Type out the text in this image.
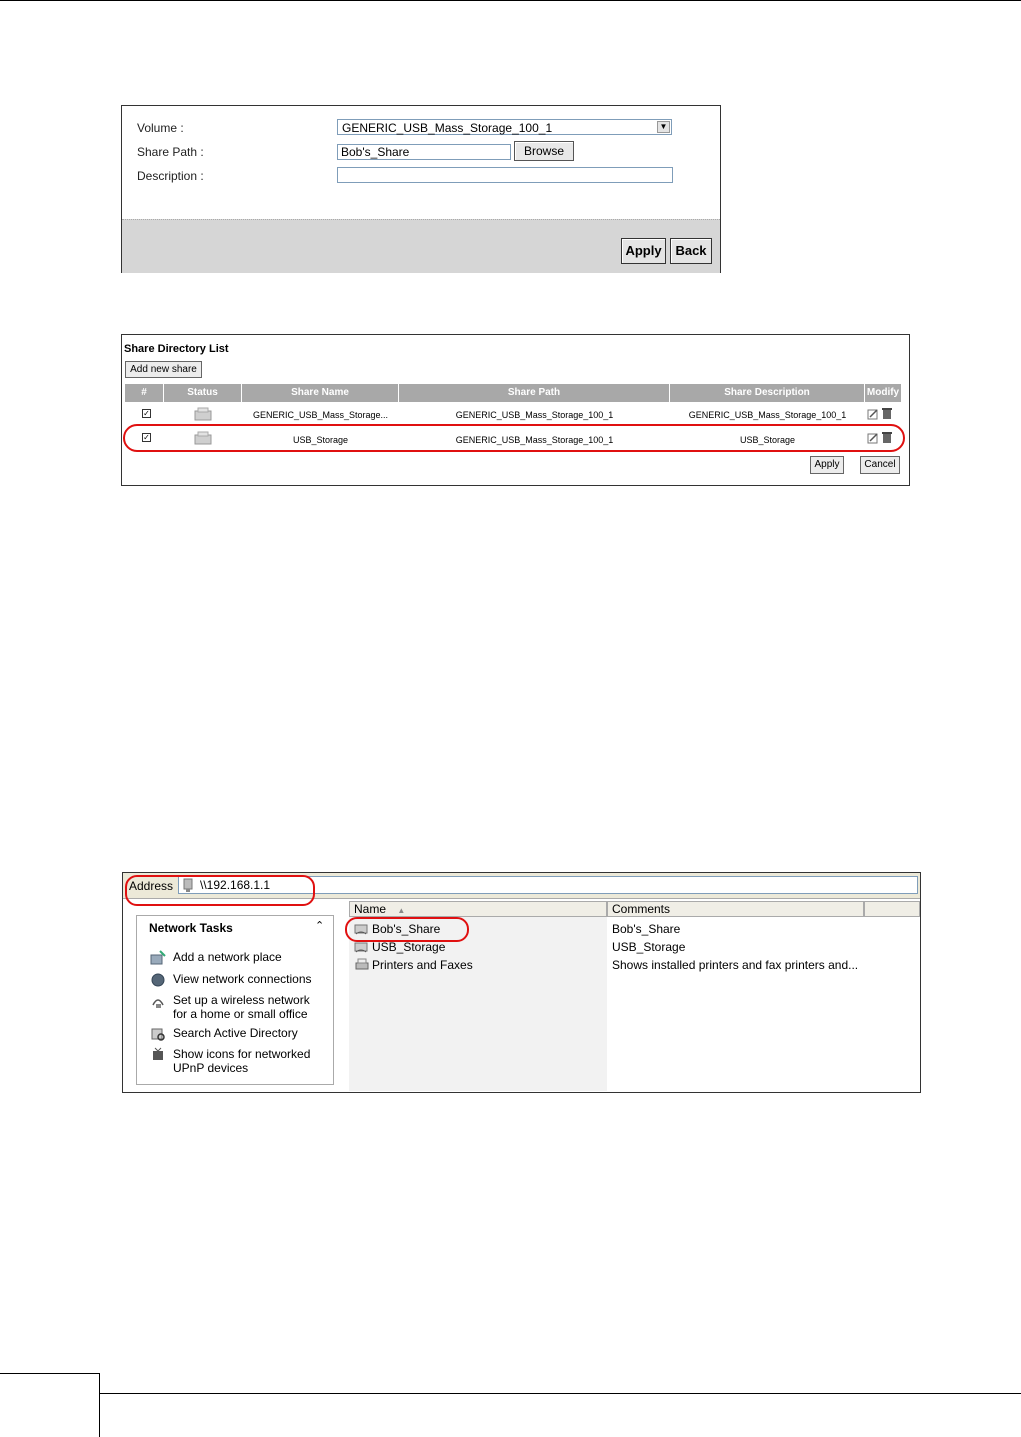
Volume :	GENERIC_USB_Mass_Storage_100_1	▼
Share Path :	Bob's_Share	Browse
Description :
Apply	Back
Share Directory List
Add new share
#	Status	Share Name	Share Path	Share Description	Modify
✓	GENERIC_USB_Mass_Storage...	GENERIC_USB_Mass_Storage_100_1	GENERIC_USB_Mass_Storage_100_1
✓	USB_Storage	GENERIC_USB_Mass_Storage_100_1	USB_Storage
Apply	Cancel
Address \\192.168.1.1
Network Tasks	⌃
Add a network place
View network connections
Set up a wireless network for a home or small office
Search Active Directory
Show icons for networked UPnP devices
Name ▲	Comments
Bob's_Share	Bob's_Share
USB_Storage	USB_Storage
Printers and Faxes	Shows installed printers and fax printers and...
